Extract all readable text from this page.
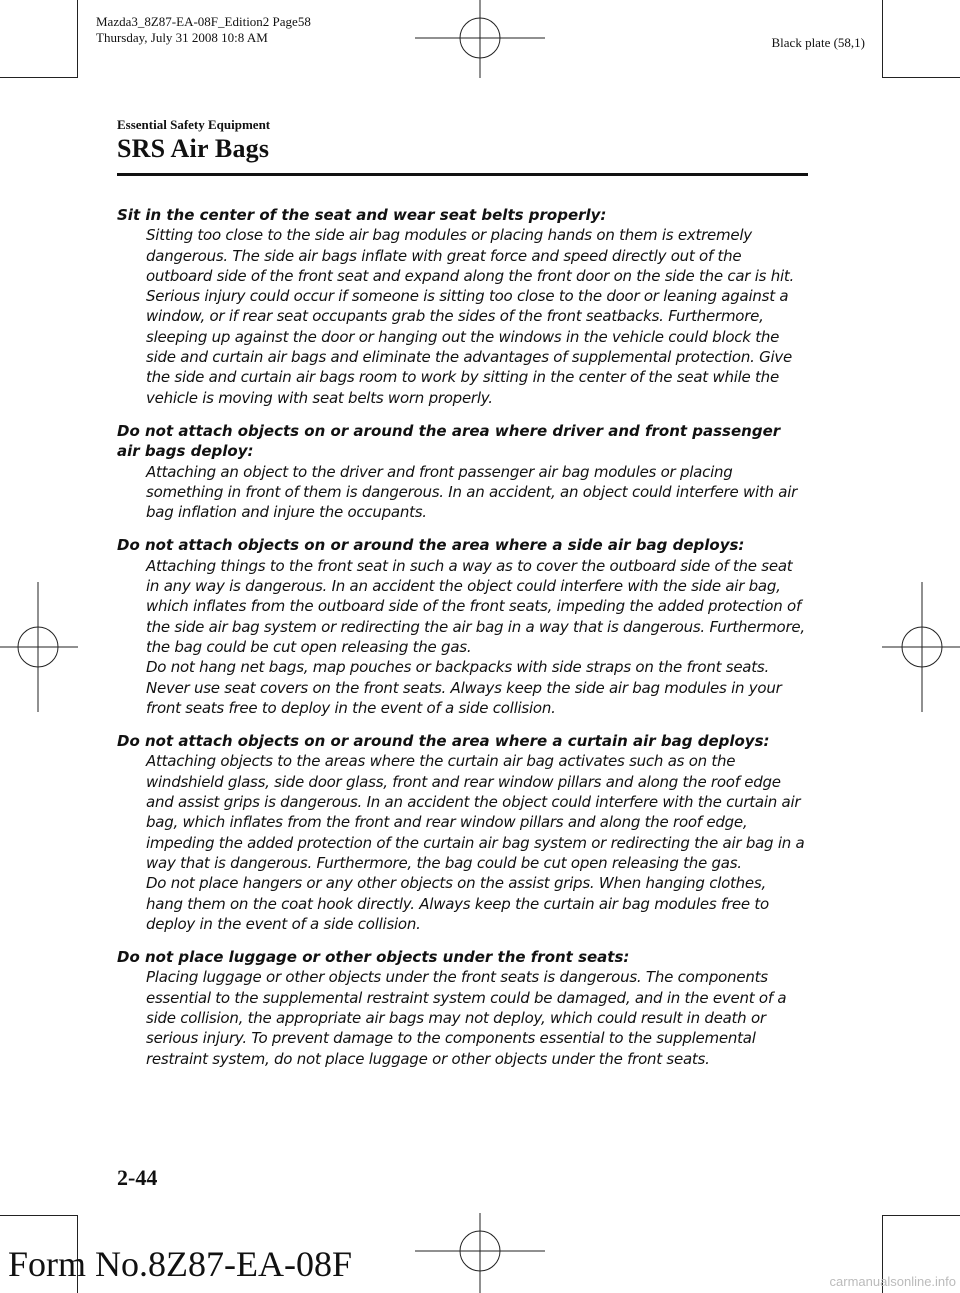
Mazda3_8Z87-EA-08F_Edition2 Page58
Thursday, July 31 2008 10:8 AM	Black plate (58,1)
Essential Safety Equipment
SRS Air Bags
Sit in the center of the seat and wear seat belts properly:

Sitting too close to the side air bag modules or placing hands on them is extremely dangerous. The side air bags inflate with great force and speed directly out of the outboard side of the front seat and expand along the front door on the side the car is hit. Serious injury could occur if someone is sitting too close to the door or leaning against a window, or if rear seat occupants grab the sides of the front seatbacks. Furthermore, sleeping up against the door or hanging out the windows in the vehicle could block the side and curtain air bags and eliminate the advantages of supplemental protection. Give the side and curtain air bags room to work by sitting in the center of the seat while the vehicle is moving with seat belts worn properly.

Do not attach objects on or around the area where driver and front passenger air bags deploy:

Attaching an object to the driver and front passenger air bag modules or placing something in front of them is dangerous. In an accident, an object could interfere with air bag inflation and injure the occupants.

Do not attach objects on or around the area where a side air bag deploys:

Attaching things to the front seat in such a way as to cover the outboard side of the seat in any way is dangerous. In an accident the object could interfere with the side air bag, which inflates from the outboard side of the front seats, impeding the added protection of the side air bag system or redirecting the air bag in a way that is dangerous. Furthermore, the bag could be cut open releasing the gas.

Do not hang net bags, map pouches or backpacks with side straps on the front seats. Never use seat covers on the front seats. Always keep the side air bag modules in your front seats free to deploy in the event of a side collision.

Do not attach objects on or around the area where a curtain air bag deploys:

Attaching objects to the areas where the curtain air bag activates such as on the windshield glass, side door glass, front and rear window pillars and along the roof edge and assist grips is dangerous. In an accident the object could interfere with the curtain air bag, which inflates from the front and rear window pillars and along the roof edge, impeding the added protection of the curtain air bag system or redirecting the air bag in a way that is dangerous. Furthermore, the bag could be cut open releasing the gas.

Do not place hangers or any other objects on the assist grips. When hanging clothes, hang them on the coat hook directly. Always keep the curtain air bag modules free to deploy in the event of a side collision.

Do not place luggage or other objects under the front seats:

Placing luggage or other objects under the front seats is dangerous. The components essential to the supplemental restraint system could be damaged, and in the event of a side collision, the appropriate air bags may not deploy, which could result in death or serious injury. To prevent damage to the components essential to the supplemental restraint system, do not place luggage or other objects under the front seats.

2-44
Form No.8Z87-EA-08F	carmanualsonline.info
